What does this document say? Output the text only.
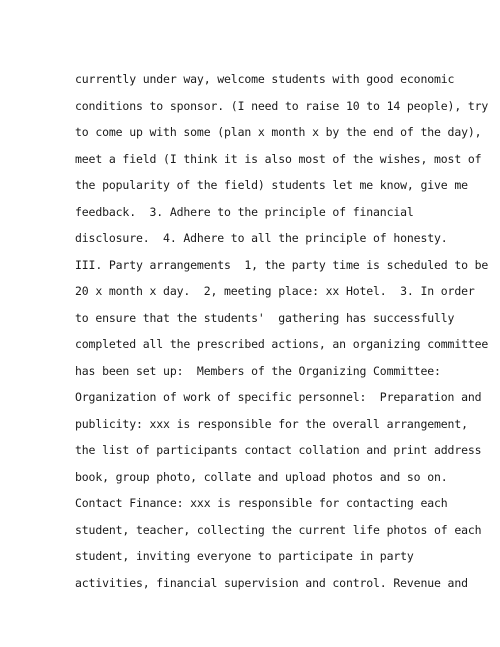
currently under way, welcome students with good economic
conditions to sponsor. (I need to raise 10 to 14 people), try
to come up with some (plan x month x by the end of the day),
meet a field (I think it is also most of the wishes, most of
the popularity of the field) students let me know, give me
feedback.  3. Adhere to the principle of financial
disclosure.  4. Adhere to all the principle of honesty.
III. Party arrangements  1, the party time is scheduled to be
20 x month x day.  2, meeting place: xx Hotel.  3. In order
to ensure that the students'  gathering has successfully
completed all the prescribed actions, an organizing committee
has been set up:  Members of the Organizing Committee:
Organization of work of specific personnel:  Preparation and
publicity: xxx is responsible for the overall arrangement,
the list of participants contact collation and print address
book, group photo, collate and upload photos and so on.
Contact Finance: xxx is responsible for contacting each
student, teacher, collecting the current life photos of each
student, inviting everyone to participate in party
activities, financial supervision and control. Revenue and
